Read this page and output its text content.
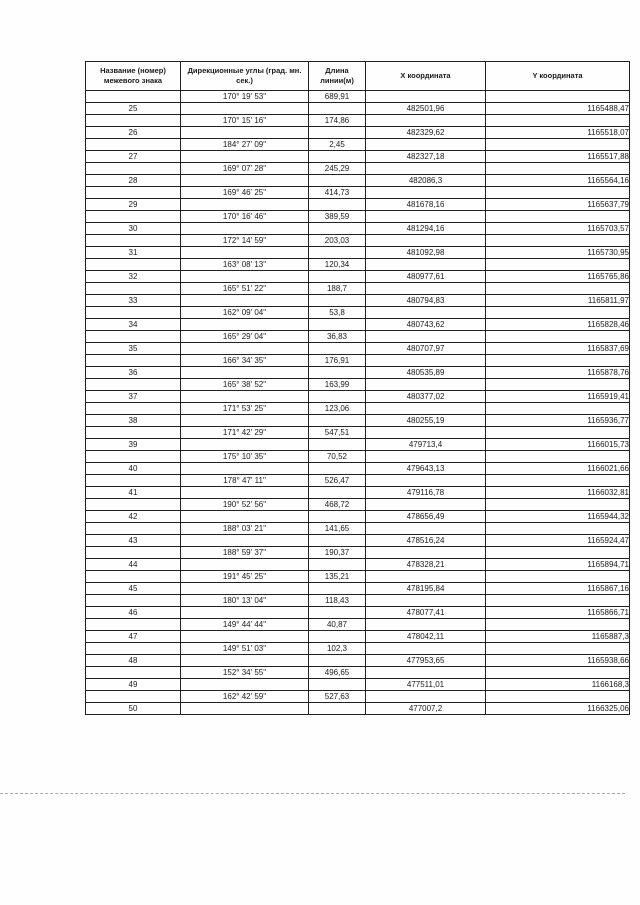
Название (номер) межевого знака	Дирекционные углы (град. мн. сек.)	Длина линии(м)	X координата	Y координата
	170° 19' 53"	689,91		
25			482501,96	1165488,47
	170° 15' 16"	174,86		
26			482329,62	1165518,07
	184° 27' 09"	2,45		
27			482327,18	1165517,88
	169° 07' 28"	245,29		
28			482086,3	1165564,16
	169° 46' 25"	414,73		
29			481678,16	1165637,79
	170° 16' 46"	389,59		
30			481294,16	1165703,57
	172° 14' 59"	203,03		
31			481092,98	1165730,95
	163° 08' 13"	120,34		
32			480977,61	1165765,86
	165° 51' 22"	188,7		
33			480794,83	1165811,97
	162° 09' 04"	53,8		
34			480743,62	1165828,46
	165° 29' 04"	36,83		
35			480707,97	1165837,69
	166° 34' 35"	176,91		
36			480535,89	1165878,76
	165° 38' 52"	163,99		
37			480377,02	1165919,41
	171° 53' 25"	123,06		
38			480255,19	1165936,77
	171° 42' 29"	547,51		
39			479713,4	1166015,73
	175° 10' 35"	70,52		
40			479643,13	1166021,66
	178° 47' 11"	526,47		
41			479116,78	1166032,81
	190° 52' 56"	468,72		
42			478656,49	1165944,32
	188° 03' 21"	141,65		
43			478516,24	1165924,47
	188° 59' 37"	190,37		
44			478328,21	1165894,71
	191° 45' 25"	135,21		
45			478195,84	1165867,16
	180° 13' 04"	118,43		
46			478077,41	1165866,71
	149° 44' 44"	40,87		
47			478042,11	1165887,3
	149° 51' 03"	102,3		
48			477953,65	1165938,66
	152° 34' 55"	496,65		
49			477511,01	1166168,3
	162° 42' 59"	527,63		
50			477007,2	1166325,06
